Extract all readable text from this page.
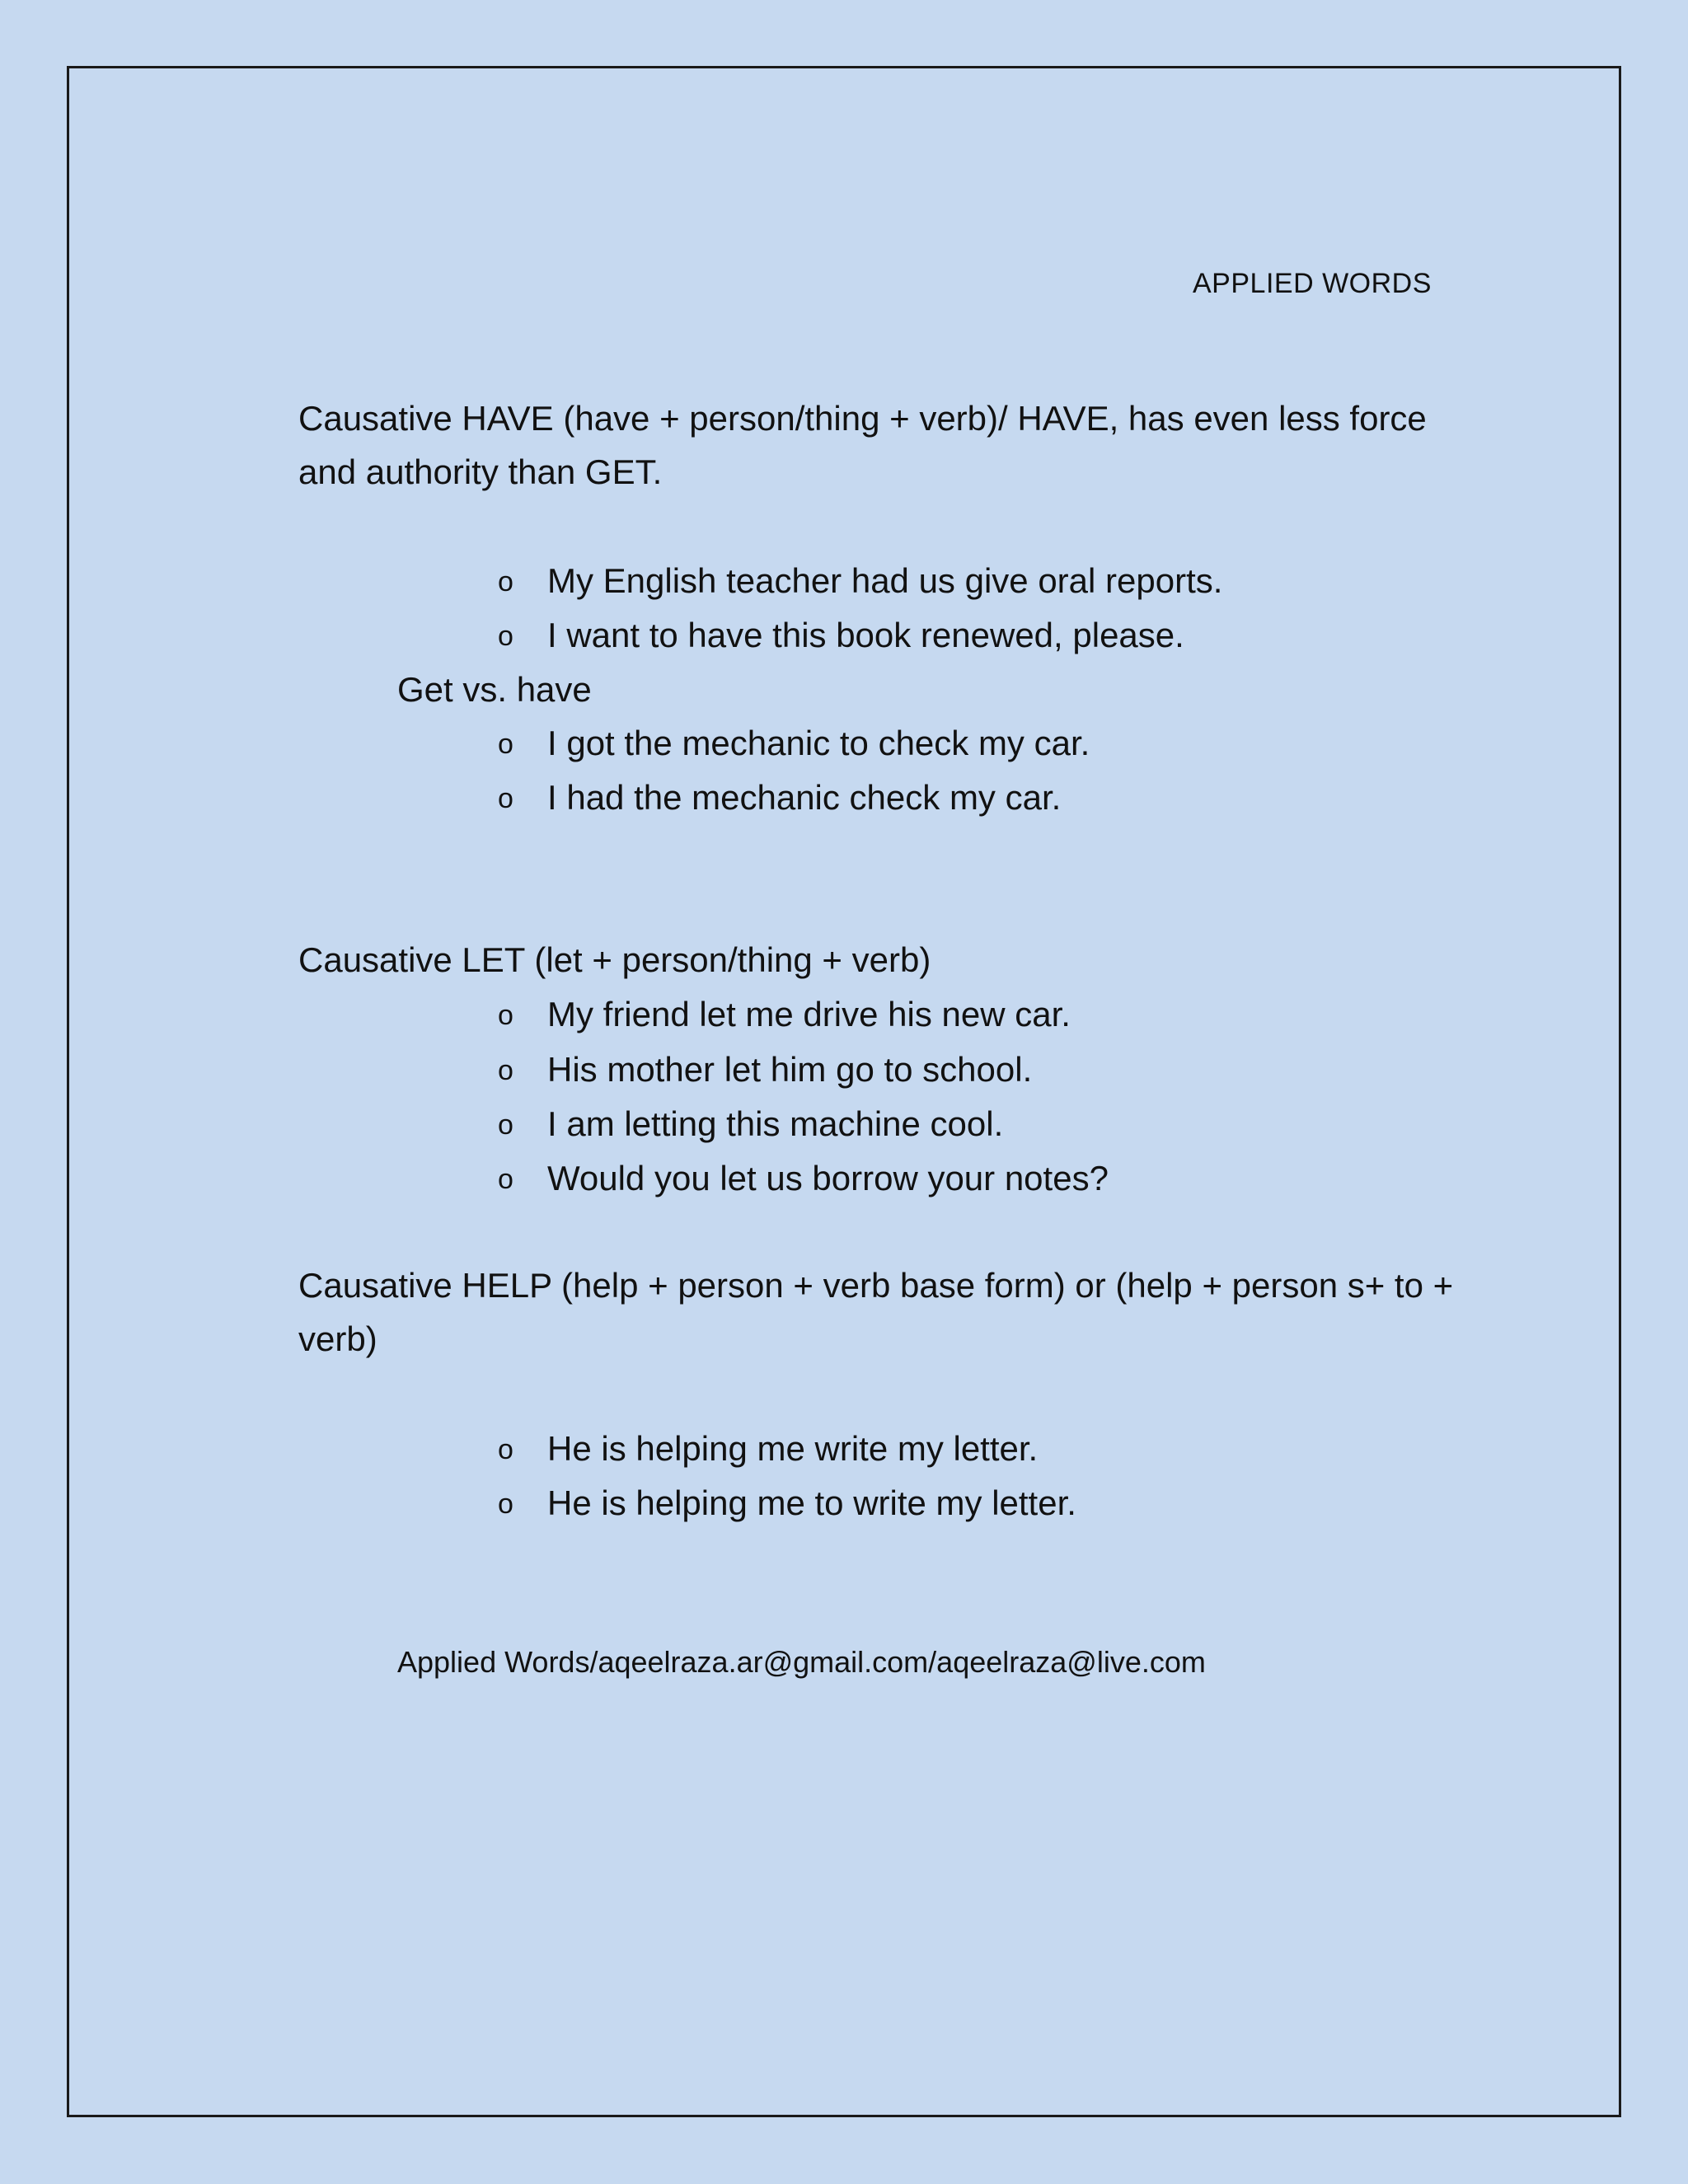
APPLIED WORDS
Causative HAVE (have + person/thing + verb)/ HAVE, has even less force and authority than GET.
o My English teacher had us give oral reports.
o I want to have this book renewed, please.
Get vs. have
o I got the mechanic to check my car.
o I had the mechanic check my car.
Causative LET (let + person/thing + verb)
o My friend let me drive his new car.
o His mother let him go to school.
o I am letting this machine cool.
o Would you let us borrow your notes?
Causative HELP (help + person + verb base form) or (help + person s+ to + verb)
o He is helping me write my letter.
o He is helping me to write my letter.
Applied Words/aqeelraza.ar@gmail.com/aqeelraza@live.com
